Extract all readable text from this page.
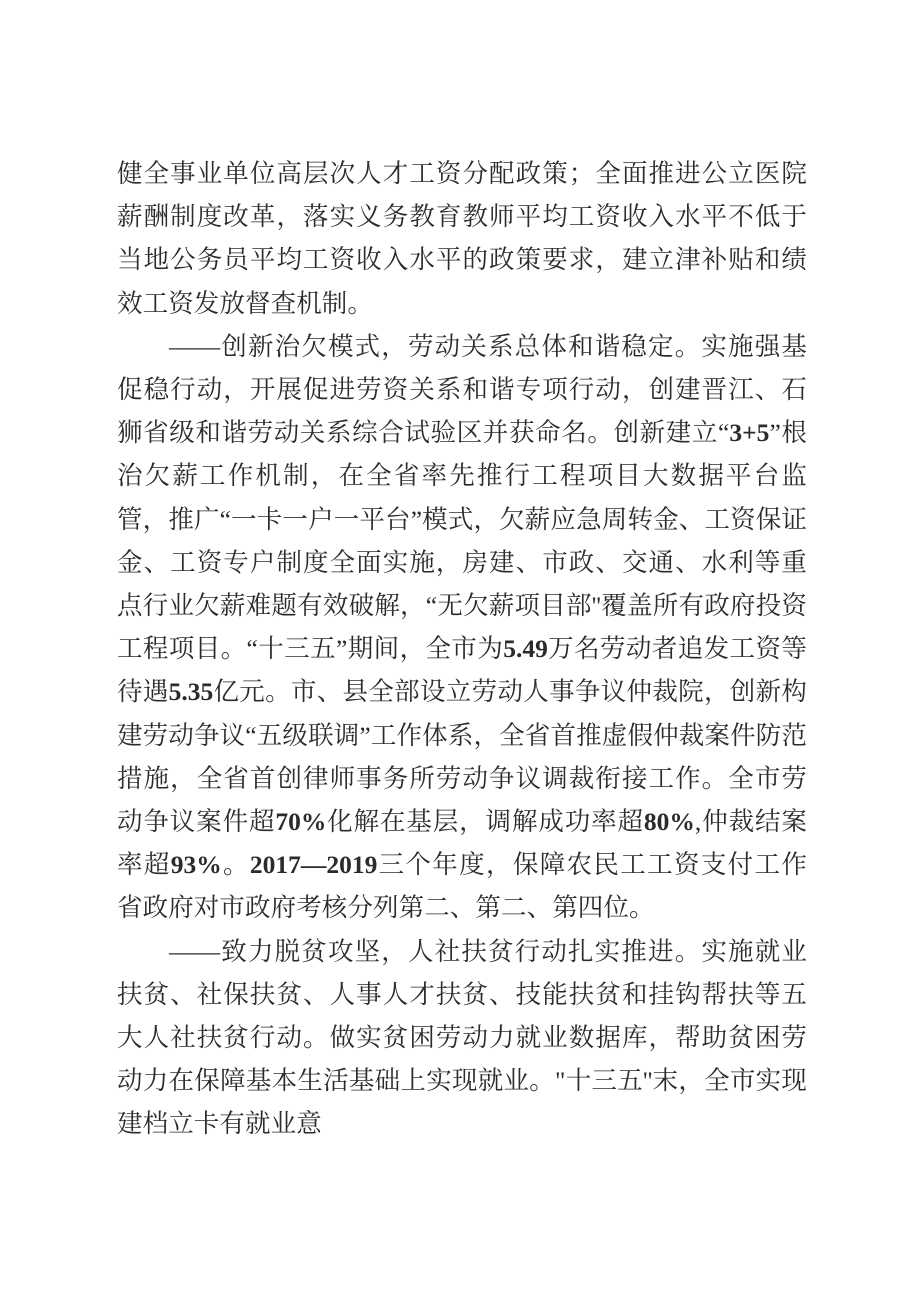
健全事业单位高层次人才工资分配政策；全面推进公立医院薪酬制度改革，落实义务教育教师平均工资收入水平不低于当地公务员平均工资收入水平的政策要求，建立津补贴和绩效工资发放督查机制。

——创新治欠模式，劳动关系总体和谐稳定。实施强基促稳行动，开展促进劳资关系和谐专项行动，创建晋江、石狮省级和谐劳动关系综合试验区并获命名。创新建立“3+5”根治欠薪工作机制，在全省率先推行工程项目大数据平台监管，推广“一卡一户一平台”模式，欠薪应急周转金、工资保证金、工资专户制度全面实施，房建、市政、交通、水利等重点行业欠薪难题有效破解，“无欠薪项目部''覆盖所有政府投资工程项目。“十三五”期间，全市为5.49万名劳动者追发工资等待遇5.35亿元。市、县全部设立劳动人事争议仲裁院，创新构建劳动争议“五级联调”工作体系，全省首推虚假仲裁案件防范措施，全省首创律师事务所劳动争议调裁衔接工作。全市劳动争议案件超70%化解在基层，调解成功率超80%,仲裁结案率超93%。2017—2019三个年度，保障农民工工资支付工作省政府对市政府考核分列第二、第二、第四位。

——致力脱贫攻坚，人社扶贫行动扎实推进。实施就业扶贫、社保扶贫、人事人才扶贫、技能扶贫和挂钩帮扶等五大人社扶贫行动。做实贫困劳动力就业数据库，帮助贫困劳动力在保障基本生活基础上实现就业。"十三五''末，全市实现建档立卡有就业意
